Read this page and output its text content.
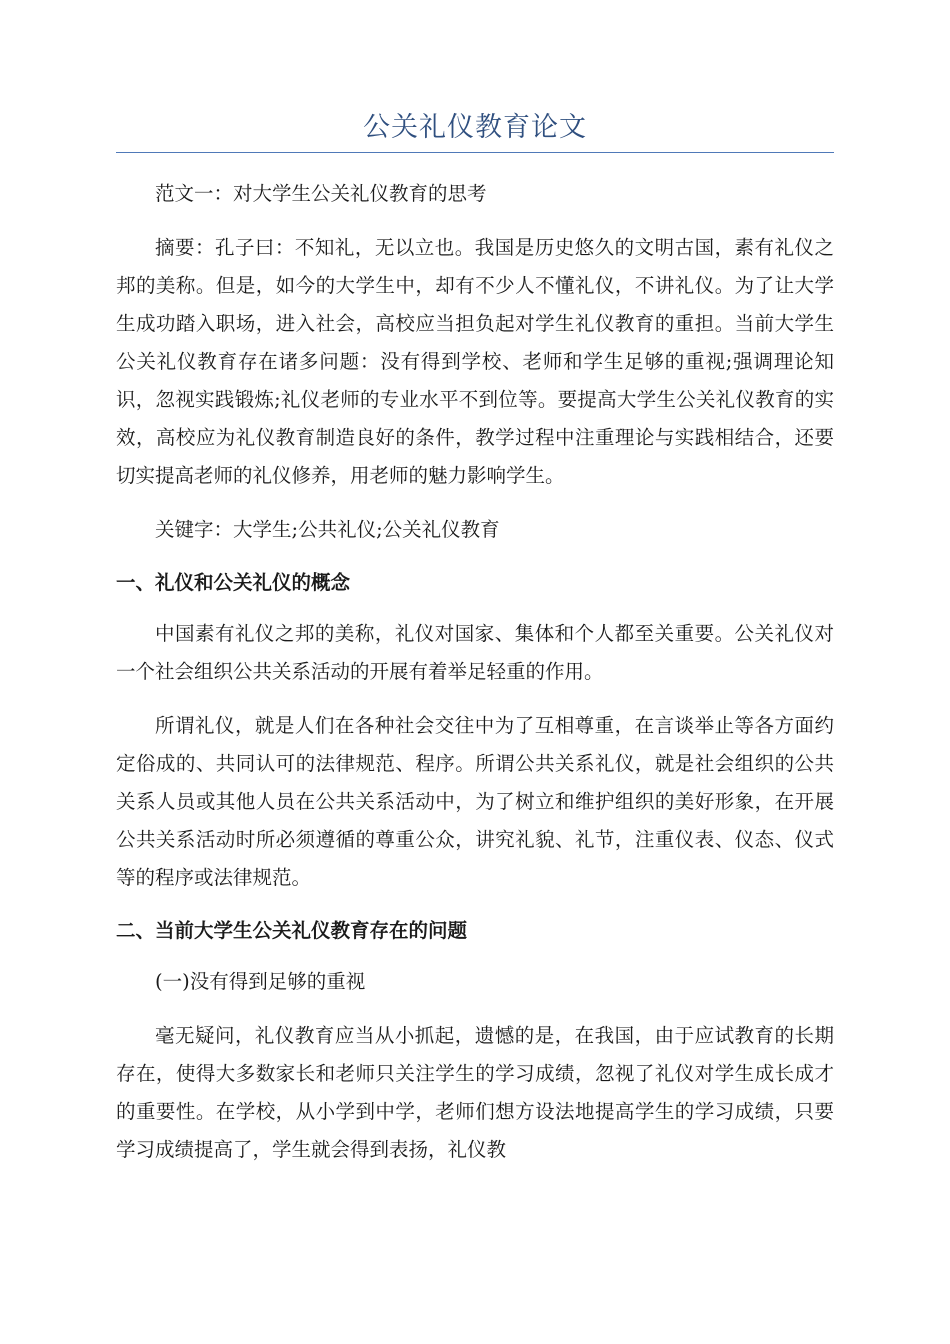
公关礼仪教育论文

范文一：对大学生公关礼仪教育的思考

摘要：孔子曰：不知礼，无以立也。我国是历史悠久的文明古国，素有礼仪之邦的美称。但是，如今的大学生中，却有不少人不懂礼仪，不讲礼仪。为了让大学生成功踏入职场，进入社会，高校应当担负起对学生礼仪教育的重担。当前大学生公关礼仪教育存在诸多问题：没有得到学校、老师和学生足够的重视;强调理论知识，忽视实践锻炼;礼仪老师的专业水平不到位等。要提高大学生公关礼仪教育的实效，高校应为礼仪教育制造良好的条件，教学过程中注重理论与实践相结合，还要切实提高老师的礼仪修养，用老师的魅力影响学生。

关键字：大学生;公共礼仪;公关礼仪教育

一、礼仪和公关礼仪的概念

中国素有礼仪之邦的美称，礼仪对国家、集体和个人都至关重要。公关礼仪对一个社会组织公共关系活动的开展有着举足轻重的作用。

所谓礼仪，就是人们在各种社会交往中为了互相尊重，在言谈举止等各方面约定俗成的、共同认可的法律规范、程序。所谓公共关系礼仪，就是社会组织的公共关系人员或其他人员在公共关系活动中，为了树立和维护组织的美好形象，在开展公共关系活动时所必须遵循的尊重公众，讲究礼貌、礼节，注重仪表、仪态、仪式等的程序或法律规范。

二、当前大学生公关礼仪教育存在的问题

(一)没有得到足够的重视

毫无疑问，礼仪教育应当从小抓起，遗憾的是，在我国，由于应试教育的长期存在，使得大多数家长和老师只关注学生的学习成绩，忽视了礼仪对学生成长成才的重要性。在学校，从小学到中学，老师们想方设法地提高学生的学习成绩，只要学习成绩提高了，学生就会得到表扬，礼仪教
